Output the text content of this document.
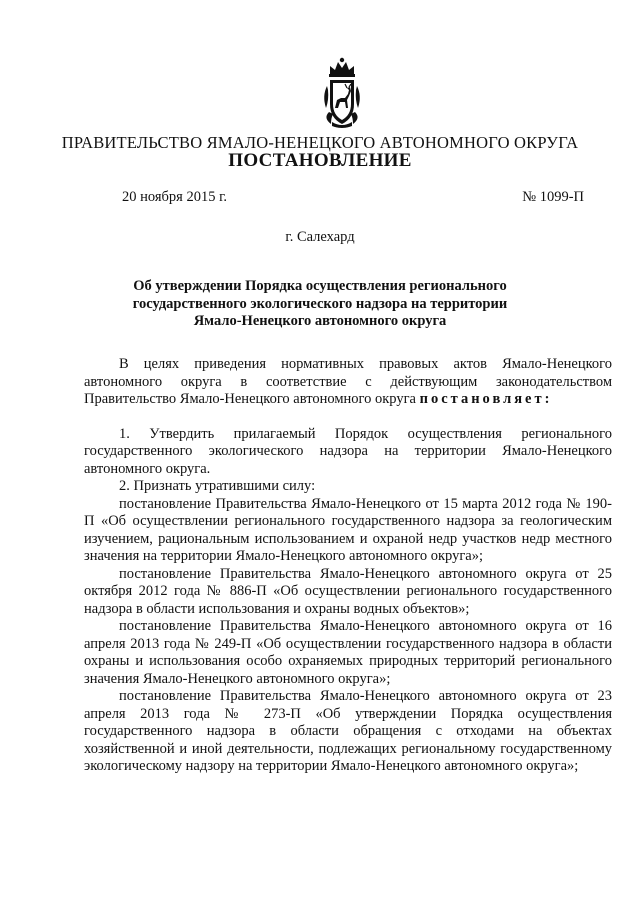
ПРАВИТЕЛЬСТВО ЯМАЛО-НЕНЕЦКОГО АВТОНОМНОГО ОКРУГА
ПОСТАНОВЛЕНИЕ
20 ноября 2015 г.	№ 1099-П
г. Салехард
Об утверждении Порядка осуществления регионального
государственного экологического надзора на территории
Ямало-Ненецкого автономного округа

В целях приведения нормативных правовых актов Ямало-Ненецкого автономного округа в соответствие с действующим законодательством Правительство Ямало-Ненецкого автономного округа постановляет:

1. Утвердить прилагаемый Порядок осуществления регионального государственного экологического надзора на территории Ямало-Ненецкого автономного округа.

2. Признать утратившими силу:

постановление Правительства Ямало-Ненецкого от 15 марта 2012 года № 190-П «Об осуществлении регионального государственного надзора за геологическим изучением, рациональным использованием и охраной недр участков недр местного значения на территории Ямало-Ненецкого автономного округа»;

постановление Правительства Ямало-Ненецкого автономного округа от 25 октября 2012 года № 886-П «Об осуществлении регионального государственного надзора в области использования и охраны водных объектов»;

постановление Правительства Ямало-Ненецкого автономного округа от 16 апреля 2013 года № 249-П «Об осуществлении государственного надзора в области охраны и использования особо охраняемых природных территорий регионального значения Ямало-Ненецкого автономного округа»;

постановление Правительства Ямало-Ненецкого автономного округа от 23 апреля 2013 года № 273-П «Об утверждении Порядка осуществления государственного надзора в области обращения с отходами на объектах хозяйственной и иной деятельности, подлежащих региональному государственному экологическому надзору на территории Ямало-Ненецкого автономного округа»;
